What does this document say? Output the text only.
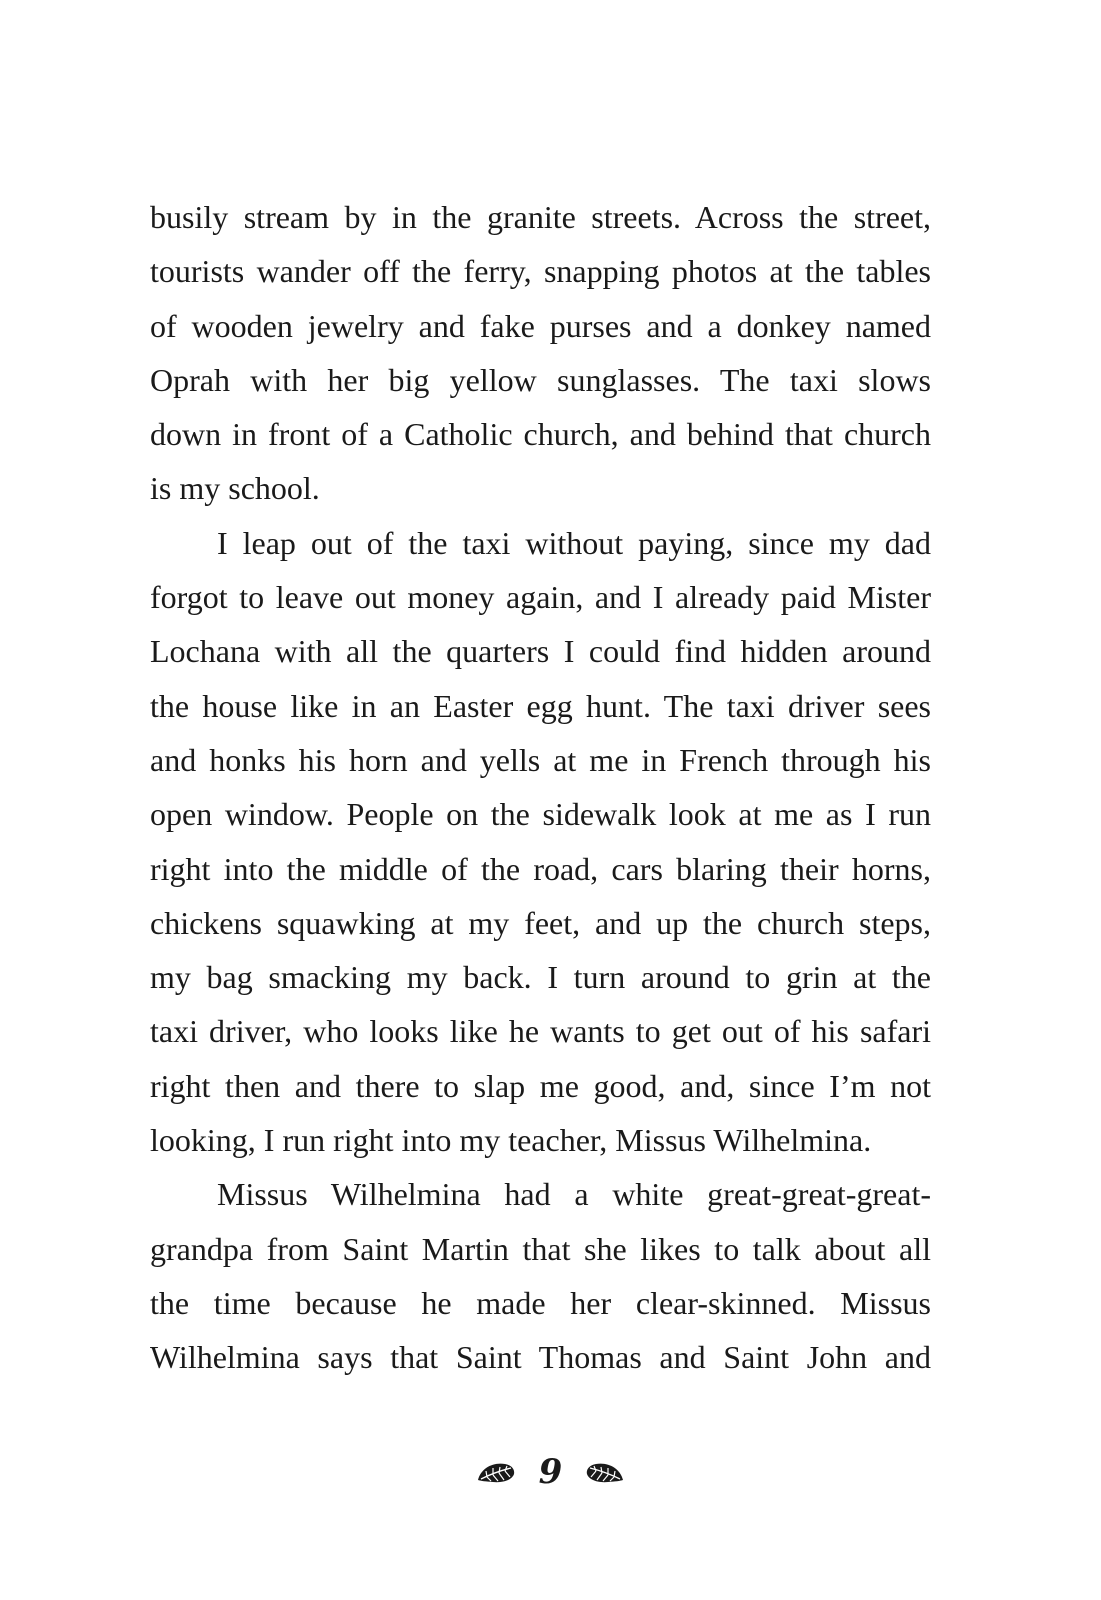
busily stream by in the granite streets. Across the street,
tourists wander off the ferry, snapping photos at the tables
of wooden jewelry and fake purses and a donkey named
Oprah with her big yellow sunglasses. The taxi slows
down in front of a Catholic church, and behind that church
is my school.
I leap out of the taxi without paying, since my dad
forgot to leave out money again, and I already paid Mister
Lochana with all the quarters I could find hidden around
the house like in an Easter egg hunt. The taxi driver sees
and honks his horn and yells at me in French through his
open window. People on the sidewalk look at me as I run
right into the middle of the road, cars blaring their horns,
chickens squawking at my feet, and up the church steps,
my bag smacking my back. I turn around to grin at the
taxi driver, who looks like he wants to get out of his safari
right then and there to slap me good, and, since I’m not
looking, I run right into my teacher, Missus Wilhelmina.
Missus Wilhelmina had a white great-great-great-
grandpa from Saint Martin that she likes to talk about all
the time because he made her clear-skinned. Missus
Wilhelmina says that Saint Thomas and Saint John and
9
